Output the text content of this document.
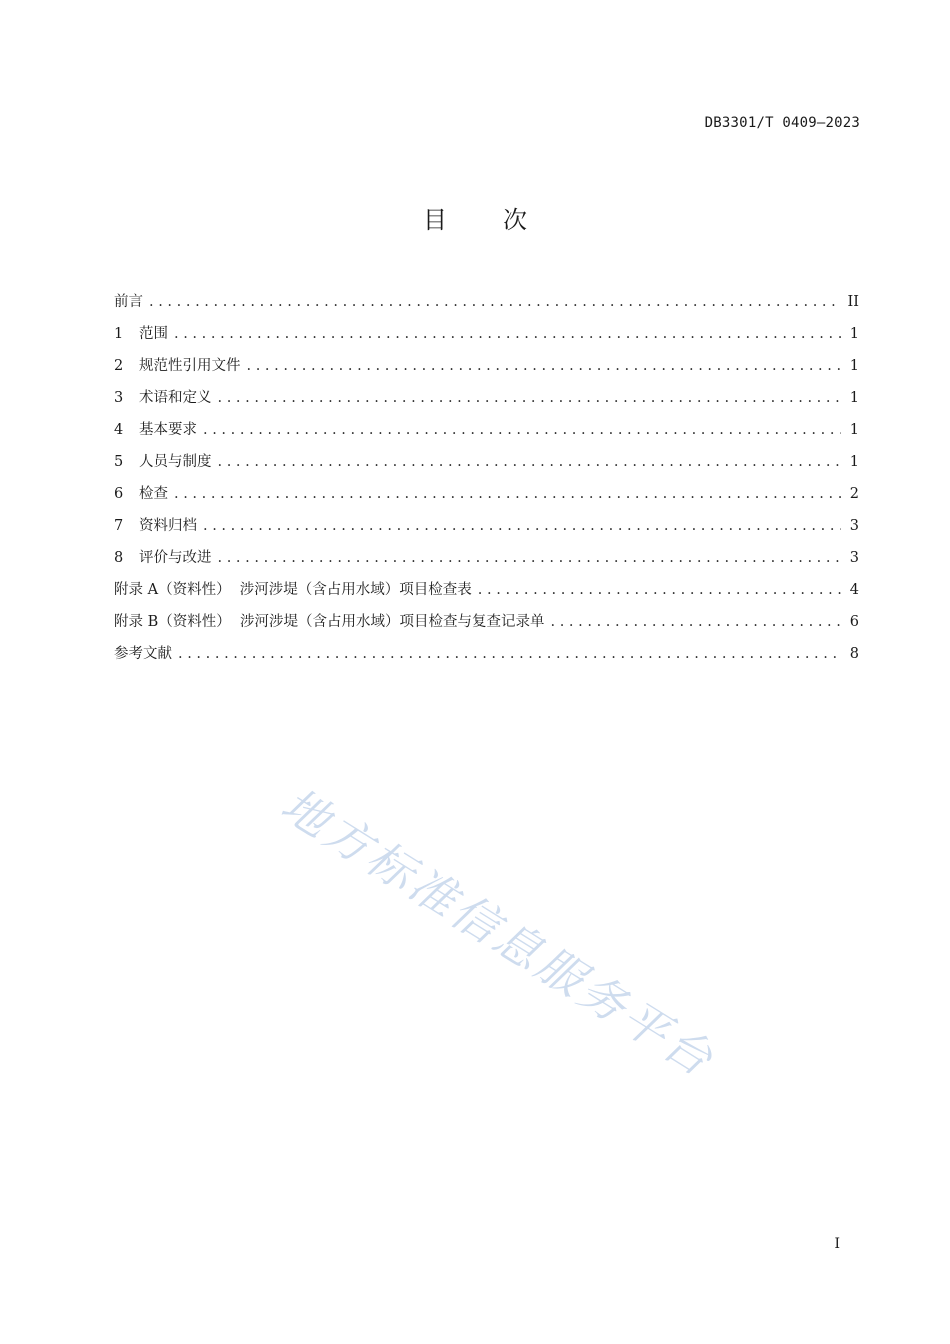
DB3301/T 0409—2023
目 次
前言 . . .	II
1	范围 . . .	1
2	规范性引用文件 . . .	1
3	术语和定义 . . .	1
4	基本要求 . . .	1
5	人员与制度 . . .	1
6	检查 . . .	2
7	资料归档 . . .	3
8	评价与改进 . . .	3
附录 A（资料性）  涉河涉堤（含占用水域）项目检查表 . . .	4
附录 B（资料性）  涉河涉堤（含占用水域）项目检查与复查记录单 . . .	6
参考文献 . . .	8
地方标准信息服务平台
I
